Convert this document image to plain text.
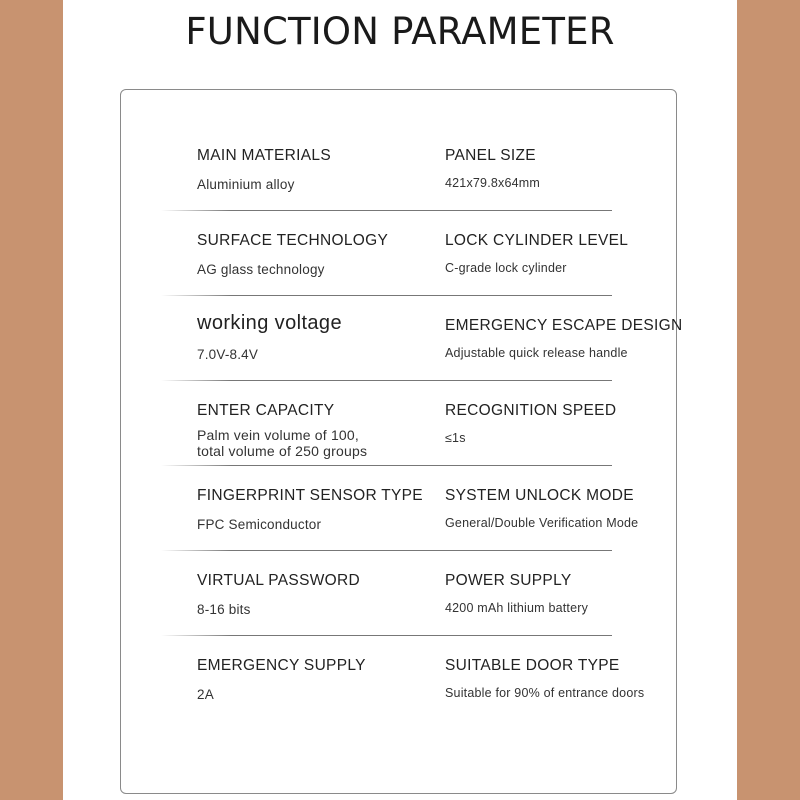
FUNCTION PARAMETER
MAIN MATERIALS
Aluminium alloy
PANEL SIZE
421x79.8x64mm
SURFACE TECHNOLOGY
AG glass technology
LOCK CYLINDER LEVEL
C-grade lock cylinder
working voltage
7.0V-8.4V
EMERGENCY ESCAPE DESIGN
Adjustable quick release handle
ENTER CAPACITY
Palm vein volume of 100,
total volume of 250 groups
RECOGNITION SPEED
≤1s
FINGERPRINT SENSOR TYPE
FPC Semiconductor
SYSTEM UNLOCK MODE
General/Double Verification Mode
VIRTUAL PASSWORD
8-16 bits
POWER SUPPLY
4200 mAh lithium battery
EMERGENCY SUPPLY
2A
SUITABLE DOOR TYPE
Suitable for 90% of entrance doors
